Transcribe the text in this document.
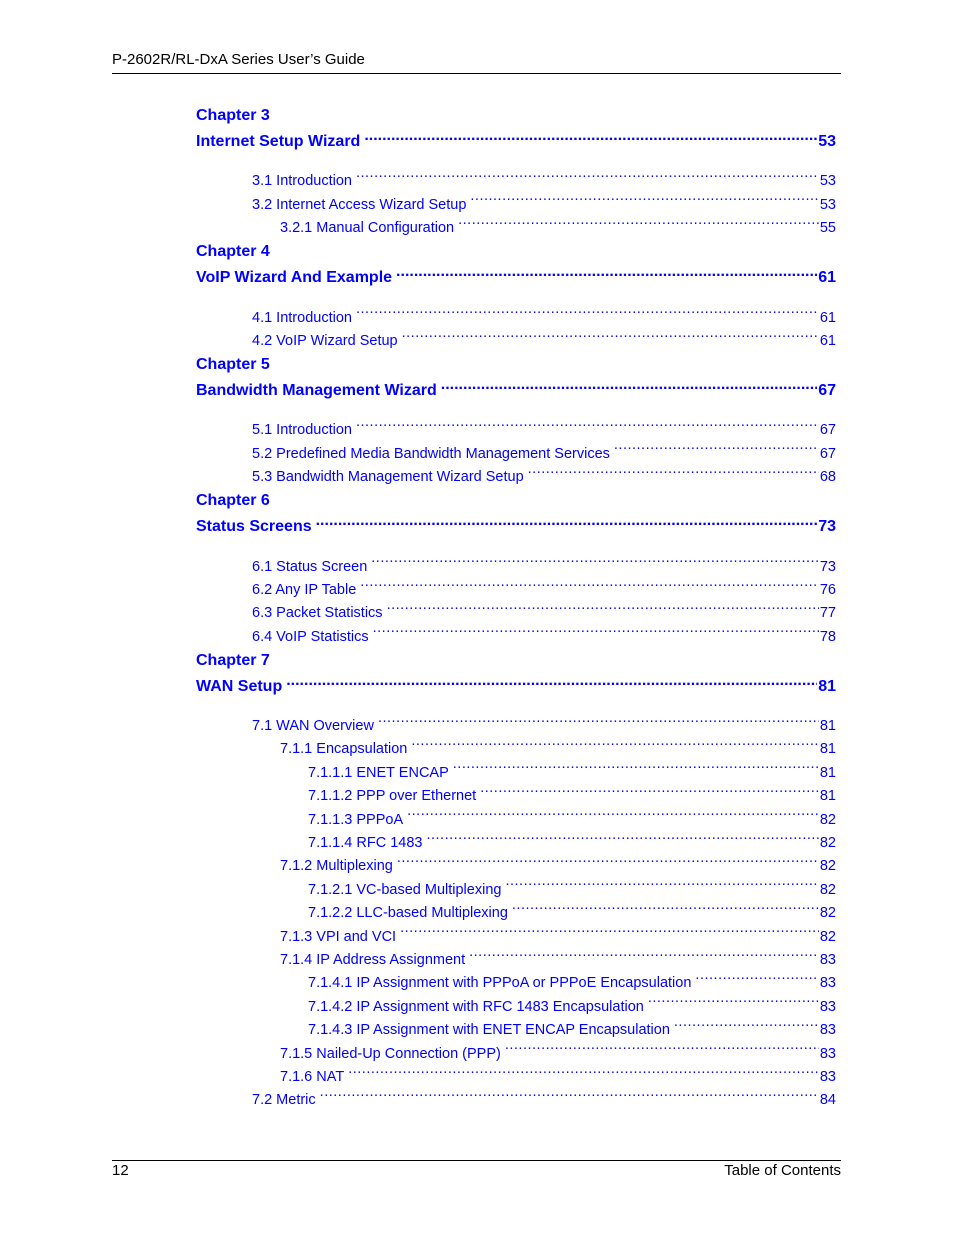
P-2602R/RL-DxA Series User’s Guide
Chapter 3
Internet Setup Wizard .....	53
3.1 Introduction .....	53
3.2 Internet Access Wizard Setup .....	53
3.2.1 Manual Configuration .....	55
Chapter 4
VoIP Wizard And Example .....	61
4.1 Introduction .....	61
4.2 VoIP Wizard Setup .....	61
Chapter 5
Bandwidth Management Wizard .....	67
5.1 Introduction .....	67
5.2 Predefined Media Bandwidth Management Services .....	67
5.3 Bandwidth Management Wizard Setup .....	68
Chapter 6
Status Screens .....	73
6.1 Status Screen .....	73
6.2 Any IP Table .....	76
6.3 Packet Statistics .....	77
6.4 VoIP Statistics .....	78
Chapter 7
WAN Setup .....	81
7.1 WAN Overview .....	81
7.1.1 Encapsulation .....	81
7.1.1.1 ENET ENCAP .....	81
7.1.1.2 PPP over Ethernet .....	81
7.1.1.3 PPPoA .....	82
7.1.1.4 RFC 1483 .....	82
7.1.2 Multiplexing .....	82
7.1.2.1 VC-based Multiplexing .....	82
7.1.2.2 LLC-based Multiplexing .....	82
7.1.3 VPI and VCI .....	82
7.1.4 IP Address Assignment .....	83
7.1.4.1 IP Assignment with PPPoA or PPPoE Encapsulation .....	83
7.1.4.2 IP Assignment with RFC 1483 Encapsulation .....	83
7.1.4.3 IP Assignment with ENET ENCAP Encapsulation .....	83
7.1.5 Nailed-Up Connection (PPP) .....	83
7.1.6 NAT .....	83
7.2 Metric .....	84
12	Table of Contents
